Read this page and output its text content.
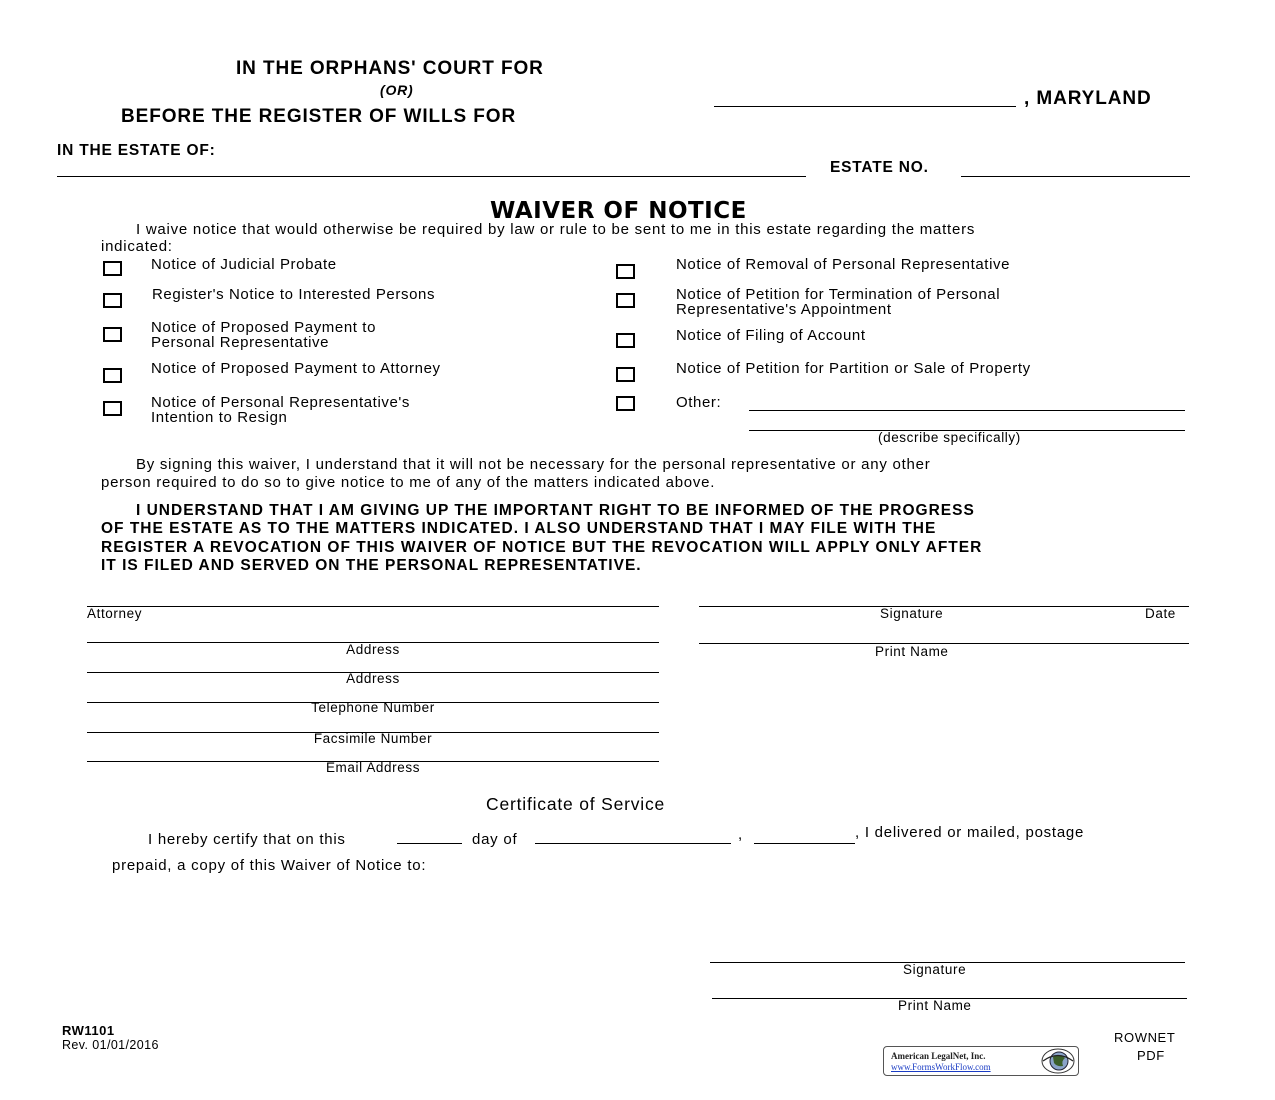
IN THE ORPHANS' COURT FOR
(OR)
BEFORE THE REGISTER OF WILLS FOR
, MARYLAND
IN THE ESTATE OF:
ESTATE NO.
WAIVER OF NOTICE
I waive notice that would otherwise be required by law or rule to be sent to me in this estate regarding the matters
indicated:
Notice of Judicial Probate
Register's Notice to Interested Persons
Notice of Proposed Payment to
Personal Representative
Notice of Proposed Payment to Attorney
Notice of Personal Representative's
Intention to Resign
Notice of Removal of Personal Representative
Notice of Petition for Termination of Personal
Representative's Appointment
Notice of Filing of Account
Notice of Petition for Partition or Sale of Property
Other:
(describe specifically)
By signing this waiver, I understand that it will not be necessary for the personal representative or any other
person required to do so to give notice to me of any of the matters indicated above.
I UNDERSTAND THAT I AM GIVING UP THE IMPORTANT RIGHT TO BE INFORMED OF THE PROGRESS
OF THE ESTATE AS TO THE MATTERS INDICATED. I ALSO UNDERSTAND THAT I MAY FILE WITH THE
REGISTER A REVOCATION OF THIS WAIVER OF NOTICE BUT THE REVOCATION WILL APPLY ONLY AFTER
IT IS FILED AND SERVED ON THE PERSONAL REPRESENTATIVE.
Attorney
Address
Address
Telephone Number
Facsimile Number
Email Address
Signature	Date
Print Name
Certificate of Service
I hereby certify that on this	day of	,	, I delivered or mailed, postage
prepaid, a copy of this Waiver of Notice to:
Signature
Print Name
RW1101
Rev. 01/01/2016
American LegalNet, Inc.
www.FormsWorkFlow.com
ROWNET
PDF
